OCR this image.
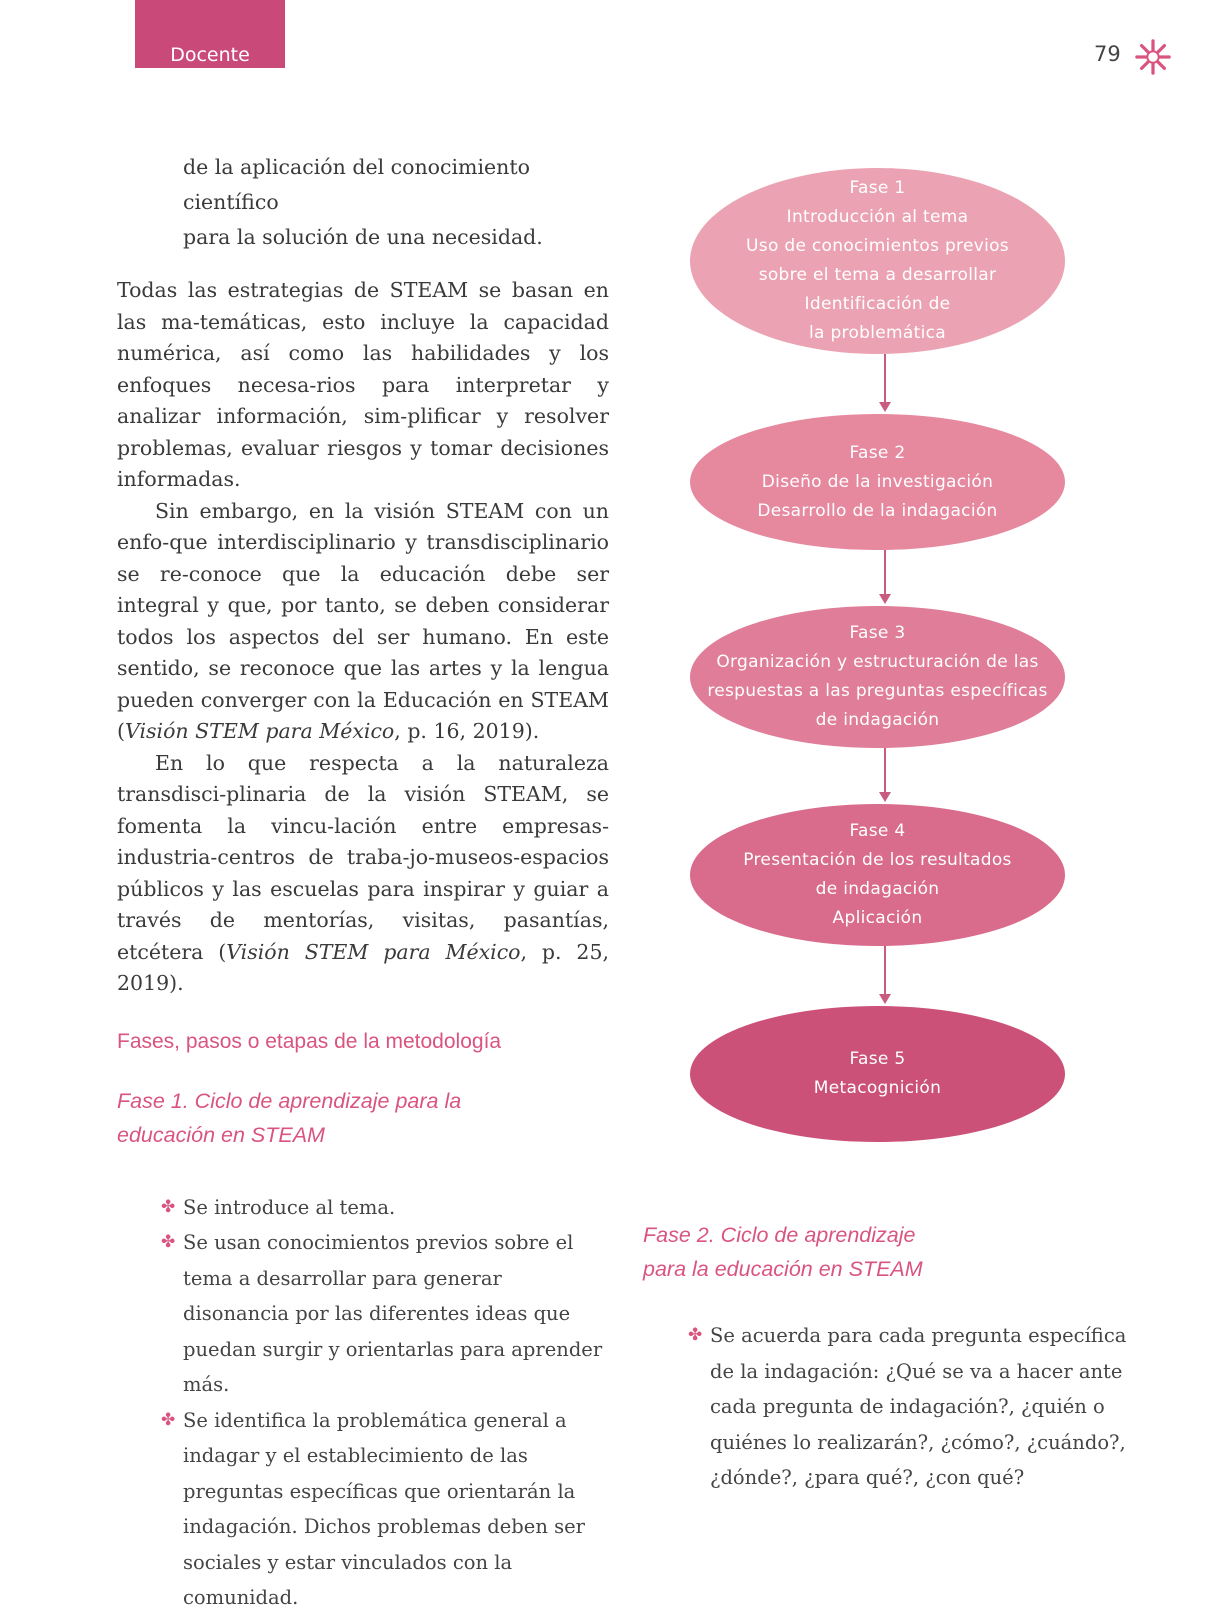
Docente	79
de la aplicación del conocimiento científico
para la solución de una necesidad.

Todas las estrategias de STEAM se basan en las ma-temáticas, esto incluye la capacidad numérica, así como las habilidades y los enfoques necesa-rios para interpretar y analizar información, sim-plificar y resolver problemas, evaluar riesgos y tomar decisiones informadas.

Sin embargo, en la visión STEAM con un enfo-que interdisciplinario y transdisciplinario se re-conoce que la educación debe ser integral y que, por tanto, se deben considerar todos los aspectos del ser humano. En este sentido, se reconoce que las artes y la lengua pueden converger con la Educación en STEAM (Visión STEM para México, p. 16, 2019).

En lo que respecta a la naturaleza transdisci-plinaria de la visión STEAM, se fomenta la vincu-lación entre empresas-industria-centros de traba-jo-museos-espacios públicos y las escuelas para inspirar y guiar a través de mentorías, visitas, pasantías, etcétera (Visión STEM para México, p. 25, 2019).

Fases, pasos o etapas de la metodología

Fase 1. Ciclo de aprendizaje para la

educación en STEAM

✤ Se introduce al tema.
✤ Se usan conocimientos previos sobre el tema a desarrollar para generar disonancia por las diferentes ideas que puedan surgir y orientarlas para aprender más.
✤ Se identifica la problemática general a indagar y el establecimiento de las preguntas específicas que orientarán la indagación. Dichos problemas deben ser sociales y estar vinculados con la comunidad.
Fase 1
Introducción al tema
Uso de conocimientos previos
sobre el tema a desarrollar
Identificación de
la problemática
Fase 2
Diseño de la investigación
Desarrollo de la indagación
Fase 3
Organización y estructuración de las
respuestas a las preguntas específicas
de indagación
Fase 4
Presentación de los resultados
de indagación
Aplicación
Fase 5
Metacognición

Fase 2. Ciclo de aprendizaje

para la educación en STEAM

✤ Se acuerda para cada pregunta específica de la indagación: ¿Qué se va a hacer ante cada pregunta de indagación?, ¿quién o quiénes lo realizarán?, ¿cómo?, ¿cuándo?, ¿dónde?, ¿para qué?, ¿con qué?
